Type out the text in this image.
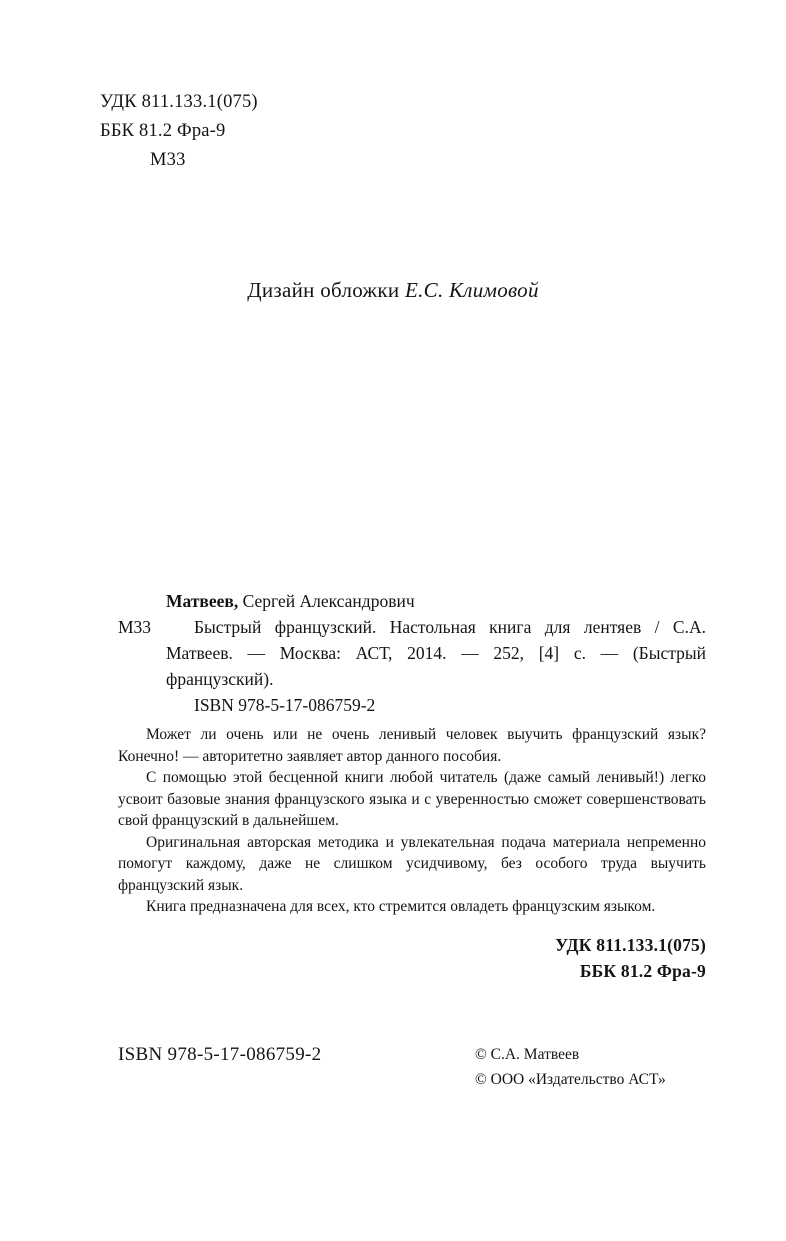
УДК 811.133.1(075)
ББК 81.2 Фра-9
М33
Дизайн обложки Е.С. Климовой
Матвеев, Сергей Александрович
М33	Быстрый французский. Настольная книга для лентяев / С.А. Матвеев. — Москва: АСТ, 2014. — 252, [4] с. — (Быстрый французский).

ISBN 978-5-17-086759-2

Может ли очень или не очень ленивый человек выучить французский язык? Конечно! — авторитетно заявляет автор данного пособия.

С помощью этой бесценной книги любой читатель (даже самый ленивый!) легко усвоит базовые знания французского языка и с уверенностью сможет совершенствовать свой французский в дальнейшем.

Оригинальная авторская методика и увлекательная подача материала непременно помогут каждому, даже не слишком усидчивому, без особого труда выучить французский язык.

Книга предназначена для всех, кто стремится овладеть французским языком.

УДК 811.133.1(075)
ББК 81.2 Фра-9
ISBN 978-5-17-086759-2	© С.А. Матвеев
© ООО «Издательство АСТ»
